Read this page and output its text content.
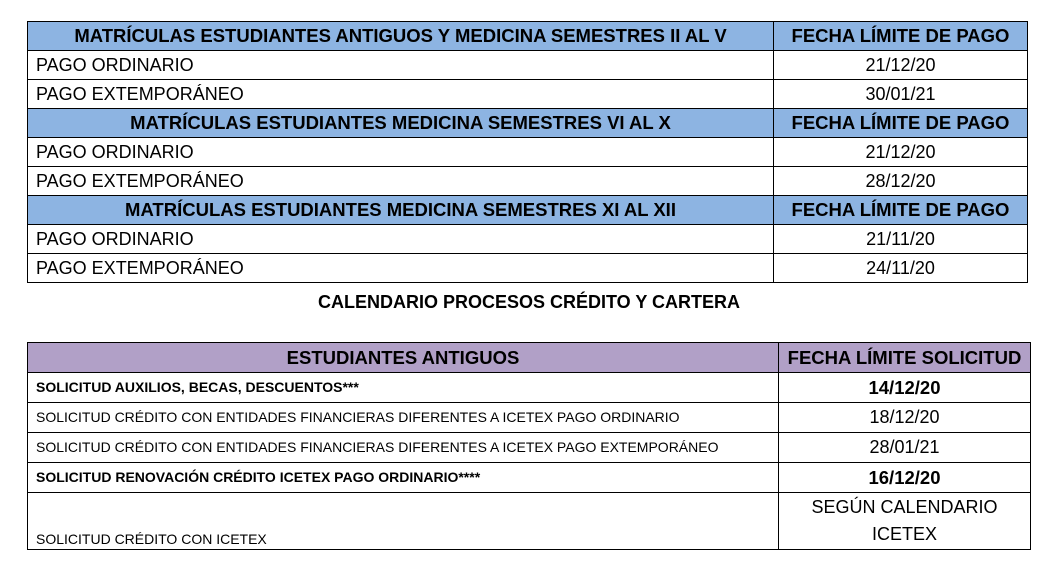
MATRÍCULAS ESTUDIANTES ANTIGUOS Y MEDICINA SEMESTRES II AL V	FECHA LÍMITE DE PAGO
PAGO ORDINARIO	21/12/20
PAGO EXTEMPORÁNEO	30/01/21
MATRÍCULAS ESTUDIANTES MEDICINA SEMESTRES VI AL X	FECHA LÍMITE DE PAGO
PAGO ORDINARIO	21/12/20
PAGO EXTEMPORÁNEO	28/12/20
MATRÍCULAS ESTUDIANTES MEDICINA SEMESTRES XI AL XII	FECHA LÍMITE DE PAGO
PAGO ORDINARIO	21/11/20
PAGO EXTEMPORÁNEO	24/11/20
CALENDARIO PROCESOS CRÉDITO Y CARTERA
ESTUDIANTES ANTIGUOS	FECHA LÍMITE SOLICITUD
SOLICITUD AUXILIOS, BECAS, DESCUENTOS***	14/12/20
SOLICITUD CRÉDITO CON ENTIDADES FINANCIERAS DIFERENTES A ICETEX PAGO ORDINARIO	18/12/20
SOLICITUD CRÉDITO CON ENTIDADES FINANCIERAS DIFERENTES A ICETEX PAGO EXTEMPORÁNEO	28/01/21
SOLICITUD RENOVACIÓN CRÉDITO ICETEX PAGO ORDINARIO****	16/12/20
SOLICITUD CRÉDITO CON ICETEX	SEGÚN CALENDARIO ICETEX
